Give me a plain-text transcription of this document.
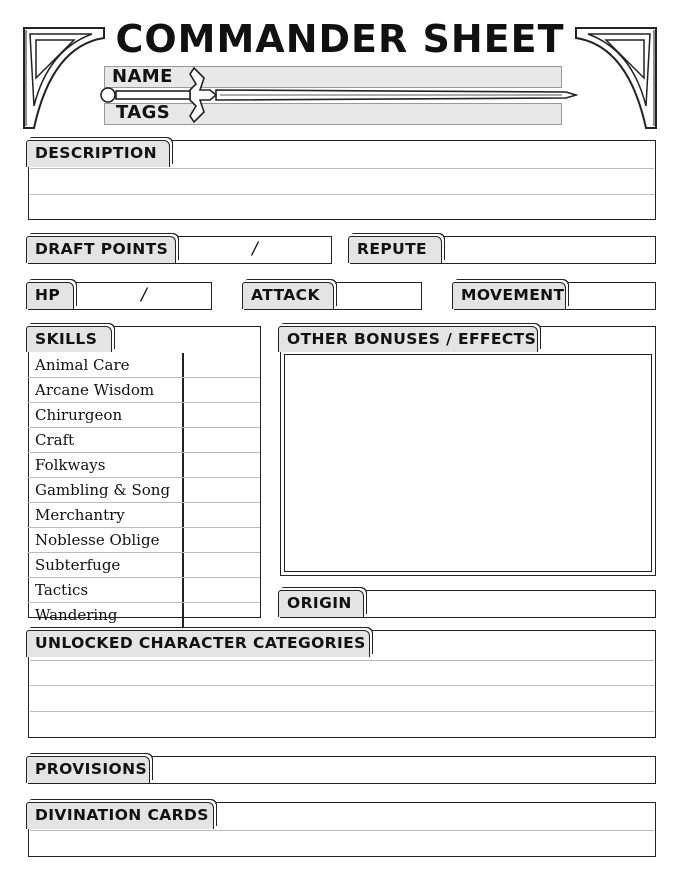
COMMANDER SHEET
NAME
TAGS
DESCRIPTION
DRAFT POINTS	/	REPUTE
HP	/	ATTACK	MOVEMENT
SKILLS
Animal Care
Arcane Wisdom
Chirurgeon
Craft
Folkways
Gambling & Song
Merchantry
Noblesse Oblige
Subterfuge
Tactics
Wandering
OTHER BONUSES / EFFECTS
ORIGIN
UNLOCKED CHARACTER CATEGORIES
PROVISIONS
DIVINATION CARDS
